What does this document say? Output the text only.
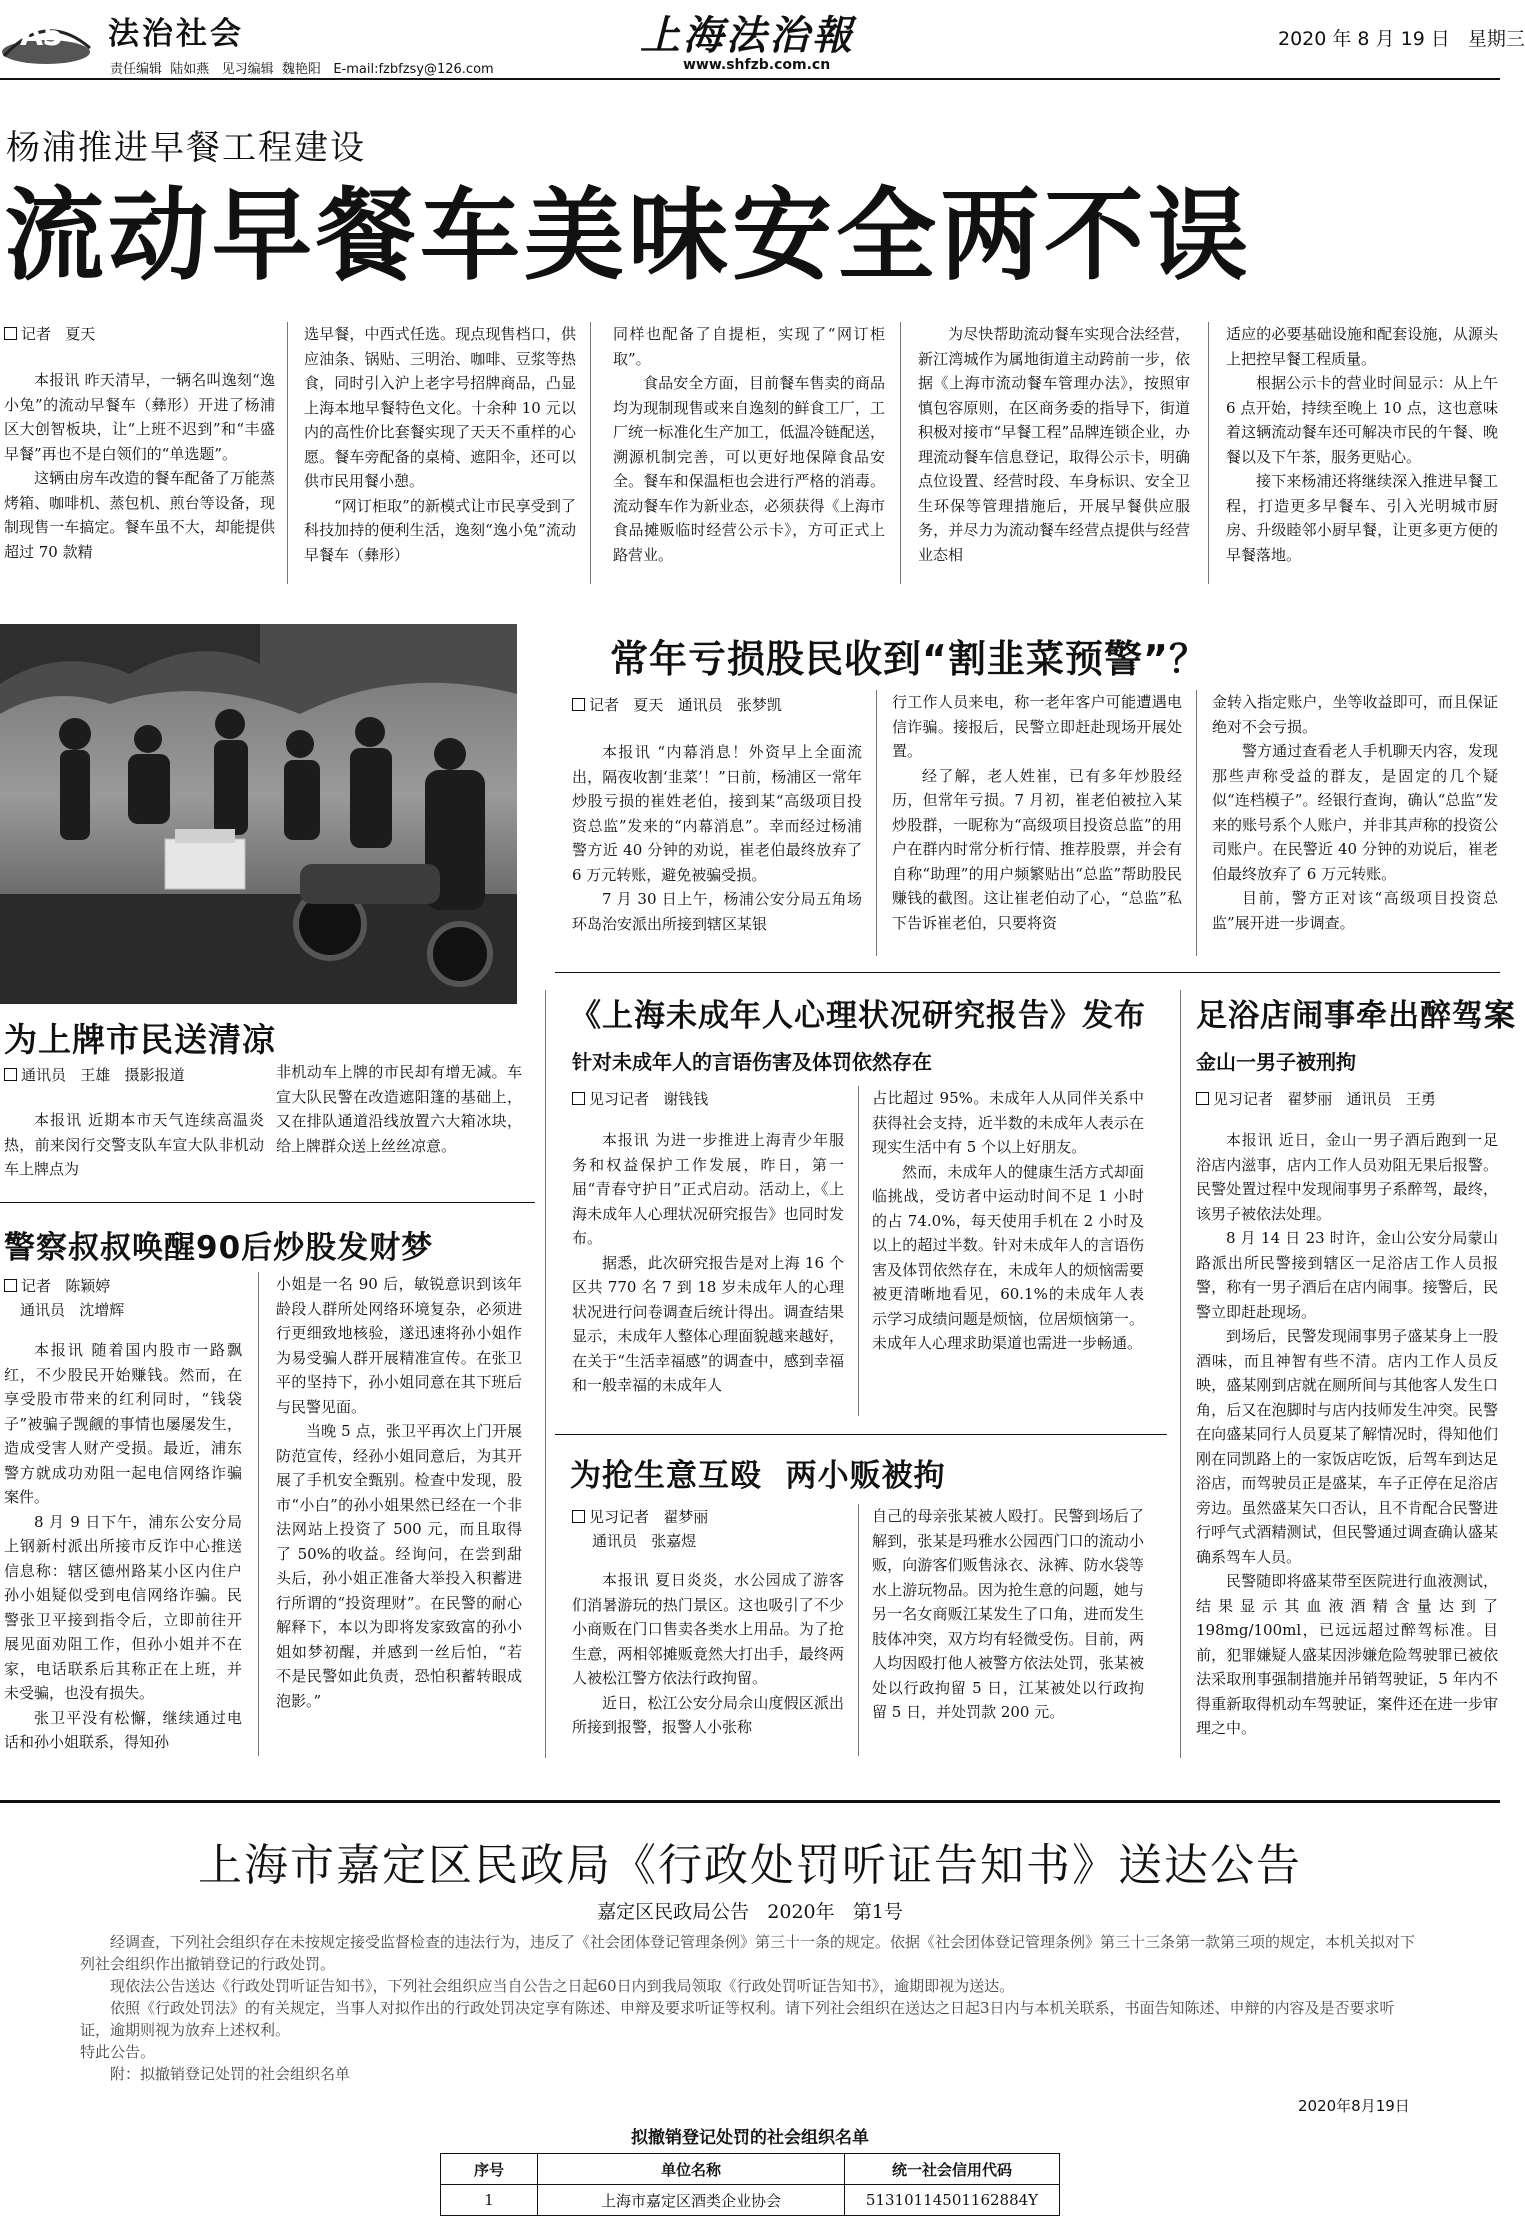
A5 法治社会
责任编辑  陆如燕   见习编辑  魏艳阳   E-mail:fzbfzsy@126.com
上海法治報
www.shfzb.com.cn
2020 年 8 月 19 日   星期三
杨浦推进早餐工程建设
流动早餐车美味安全两不误
记者   夏天

本报讯 昨天清早，一辆名叫逸刻“逸小兔”的流动早餐车（彝形）开进了杨浦区大创智板块，让“上班不迟到”和“丰盛早餐”再也不是白领们的“单选题”。

这辆由房车改造的餐车配备了万能蒸烤箱、咖啡机、蒸包机、煎台等设备，现制现售一车搞定。餐车虽不大，却能提供超过 70 款精

选早餐，中西式任选。现点现售档口，供应油条、锅贴、三明治、咖啡、豆浆等热食，同时引入沪上老字号招牌商品，凸显上海本地早餐特色文化。十余种 10 元以内的高性价比套餐实现了天天不重样的心愿。餐车旁配备的桌椅、遮阳伞，还可以供市民用餐小憩。

“网订柜取”的新模式让市民享受到了科技加持的便利生活，逸刻“逸小兔”流动早餐车（彝形）

同样也配备了自提柜，实现了“网订柜取”。

食品安全方面，目前餐车售卖的商品均为现制现售或来自逸刻的鲜食工厂，工厂统一标准化生产加工，低温冷链配送，溯源机制完善，可以更好地保障食品安全。餐车和保温柜也会进行严格的消毒。流动餐车作为新业态，必须获得《上海市食品摊贩临时经营公示卡》，方可正式上路营业。

为尽快帮助流动餐车实现合法经营，新江湾城作为属地街道主动跨前一步，依据《上海市流动餐车管理办法》，按照审慎包容原则，在区商务委的指导下，街道积极对接市“早餐工程”品牌连锁企业，办理流动餐车信息登记，取得公示卡，明确点位设置、经营时段、车身标识、安全卫生环保等管理措施后，开展早餐供应服务，并尽力为流动餐车经营点提供与经营业态相

适应的必要基础设施和配套设施，从源头上把控早餐工程质量。

根据公示卡的营业时间显示：从上午 6 点开始，持续至晚上 10 点，这也意味着这辆流动餐车还可解决市民的午餐、晚餐以及下午茶，服务更贴心。

接下来杨浦还将继续深入推进早餐工程，打造更多早餐车、引入光明城市厨房、升级睦邻小厨早餐，让更多更方便的早餐落地。

为上牌市民送清凉
通讯员   王雄   摄影报道

本报讯 近期本市天气连续高温炎热，前来闵行交警支队车宣大队非机动车上牌点为

非机动车上牌的市民却有增无减。车宣大队民警在改造遮阳篷的基础上，又在排队通道沿线放置六大箱冰块，给上牌群众送上丝丝凉意。

警察叔叔唤醒90后炒股发财梦
记者   陈颖婷
通讯员   沈增辉

本报讯 随着国内股市一路飘红，不少股民开始赚钱。然而，在享受股市带来的红利同时，“钱袋子”被骗子觊觎的事情也屡屡发生，造成受害人财产受损。最近，浦东警方就成功劝阻一起电信网络诈骗案件。

8 月 9 日下午，浦东公安分局上钢新村派出所接市反诈中心推送信息称：辖区德州路某小区内住户孙小姐疑似受到电信网络诈骗。民警张卫平接到指令后，立即前往开展见面劝阻工作，但孙小姐并不在家，电话联系后其称正在上班，并未受骗，也没有损失。

张卫平没有松懈，继续通过电话和孙小姐联系，得知孙

小姐是一名 90 后，敏锐意识到该年龄段人群所处网络环境复杂，必须进行更细致地核验，遂迅速将孙小姐作为易受骗人群开展精准宣传。在张卫平的坚持下，孙小姐同意在其下班后与民警见面。

当晚 5 点，张卫平再次上门开展防范宣传，经孙小姐同意后，为其开展了手机安全甄别。检查中发现，股市“小白”的孙小姐果然已经在一个非法网站上投资了 500 元，而且取得了 50%的收益。经询问，在尝到甜头后，孙小姐正准备大举投入积蓄进行所谓的“投资理财”。在民警的耐心解释下，本以为即将发家致富的孙小姐如梦初醒，并感到一丝后怕，“若不是民警如此负责，恐怕积蓄转眼成泡影。”

常年亏损股民收到“割韭菜预警”？
记者   夏天   通讯员   张梦凯

本报讯 “内幕消息！外资早上全面流出，隔夜收割‘韭菜’！”日前，杨浦区一常年炒股亏损的崔姓老伯，接到某“高级项目投资总监”发来的“内幕消息”。幸而经过杨浦警方近 40 分钟的劝说，崔老伯最终放弃了 6 万元转账，避免被骗受损。

7 月 30 日上午，杨浦公安分局五角场环岛治安派出所接到辖区某银

行工作人员来电，称一老年客户可能遭遇电信诈骗。接报后，民警立即赶赴现场开展处置。

经了解，老人姓崔，已有多年炒股经历，但常年亏损。7 月初，崔老伯被拉入某炒股群，一昵称为“高级项目投资总监”的用户在群内时常分析行情、推荐股票，并会有自称“助理”的用户频繁贴出“总监”帮助股民赚钱的截图。这让崔老伯动了心，“总监”私下告诉崔老伯，只要将资

金转入指定账户，坐等收益即可，而且保证绝对不会亏损。

警方通过查看老人手机聊天内容，发现那些声称受益的群友，是固定的几个疑似“连档模子”。经银行查询，确认“总监”发来的账号系个人账户，并非其声称的投资公司账户。在民警近 40 分钟的劝说后，崔老伯最终放弃了 6 万元转账。

目前，警方正对该“高级项目投资总监”展开进一步调查。

《上海未成年人心理状况研究报告》发布
针对未成年人的言语伤害及体罚依然存在
见习记者   谢钱钱

本报讯 为进一步推进上海青少年服务和权益保护工作发展，昨日，第一届“青春守护日”正式启动。活动上，《上海未成年人心理状况研究报告》也同时发布。

据悉，此次研究报告是对上海 16 个区共 770 名 7 到 18 岁未成年人的心理状况进行问卷调查后统计得出。调查结果显示，未成年人整体心理面貌越来越好，在关于“生活幸福感”的调查中，感到幸福和一般幸福的未成年人

占比超过 95%。未成年人从同伴关系中获得社会支持，近半数的未成年人表示在现实生活中有 5 个以上好朋友。

然而，未成年人的健康生活方式却面临挑战，受访者中运动时间不足 1 小时的占 74.0%，每天使用手机在 2 小时及以上的超过半数。针对未成年人的言语伤害及体罚依然存在，未成年人的烦恼需要被更清晰地看见，60.1%的未成年人表示学习成绩问题是烦恼，位居烦恼第一。未成年人心理求助渠道也需进一步畅通。

为抢生意互殴  两小贩被拘
见习记者   翟梦丽
通讯员   张嘉煜

本报讯 夏日炎炎，水公园成了游客们消暑游玩的热门景区。这也吸引了不少小商贩在门口售卖各类水上用品。为了抢生意，两相邻摊贩竟然大打出手，最终两人被松江警方依法行政拘留。

近日，松江公安分局佘山度假区派出所接到报警，报警人小张称

自己的母亲张某被人殴打。民警到场后了解到，张某是玛雅水公园西门口的流动小贩，向游客们贩售泳衣、泳裤、防水袋等水上游玩物品。因为抢生意的问题，她与另一名女商贩江某发生了口角，进而发生肢体冲突，双方均有轻微受伤。目前，两人均因殴打他人被警方依法处罚，张某被处以行政拘留 5 日，江某被处以行政拘留 5 日，并处罚款 200 元。

足浴店闹事牵出醉驾案
金山一男子被刑拘
见习记者   翟梦丽   通讯员   王勇

本报讯 近日，金山一男子酒后跑到一足浴店内滋事，店内工作人员劝阻无果后报警。民警处置过程中发现闹事男子系醉驾，最终，该男子被依法处理。

8 月 14 日 23 时许，金山公安分局蒙山路派出所民警接到辖区一足浴店工作人员报警，称有一男子酒后在店内闹事。接警后，民警立即赶赴现场。

到场后，民警发现闹事男子盛某身上一股酒味，而且神智有些不清。店内工作人员反映，盛某刚到店就在厕所间与其他客人发生口角，后又在泡脚时与店内技师发生冲突。民警在向盛某同行人员夏某了解情况时，得知他们刚在同凯路上的一家饭店吃饭，后驾车到达足浴店，而驾驶员正是盛某，车子正停在足浴店旁边。虽然盛某矢口否认，且不肯配合民警进行呼气式酒精测试，但民警通过调查确认盛某确系驾车人员。

民警随即将盛某带至医院进行血液测试，结果显示其血液酒精含量达到了 198mg/100ml，已远远超过醉驾标准。目前，犯罪嫌疑人盛某因涉嫌危险驾驶罪已被依法采取刑事强制措施并吊销驾驶证，5 年内不得重新取得机动车驾驶证，案件还在进一步审理之中。

上海市嘉定区民政局《行政处罚听证告知书》送达公告
嘉定区民政局公告   2020年   第1号

经调查，下列社会组织存在未按规定接受监督检查的违法行为，违反了《社会团体登记管理条例》第三十一条的规定。依据《社会团体登记管理条例》第三十三条第一款第三项的规定，本机关拟对下列社会组织作出撤销登记的行政处罚。

现依法公告送达《行政处罚听证告知书》，下列社会组织应当自公告之日起60日内到我局领取《行政处罚听证告知书》，逾期即视为送达。

依照《行政处罚法》的有关规定，当事人对拟作出的行政处罚决定享有陈述、申辩及要求听证等权利。请下列社会组织在送达之日起3日内与本机关联系，书面告知陈述、申辩的内容及是否要求听证，逾期则视为放弃上述权利。

特此公告。

附：拟撤销登记处罚的社会组织名单

2020年8月19日
拟撤销登记处罚的社会组织名单
序号	单位名称	统一社会信用代码
1	上海市嘉定区酒类企业协会	51310114501162884Y
